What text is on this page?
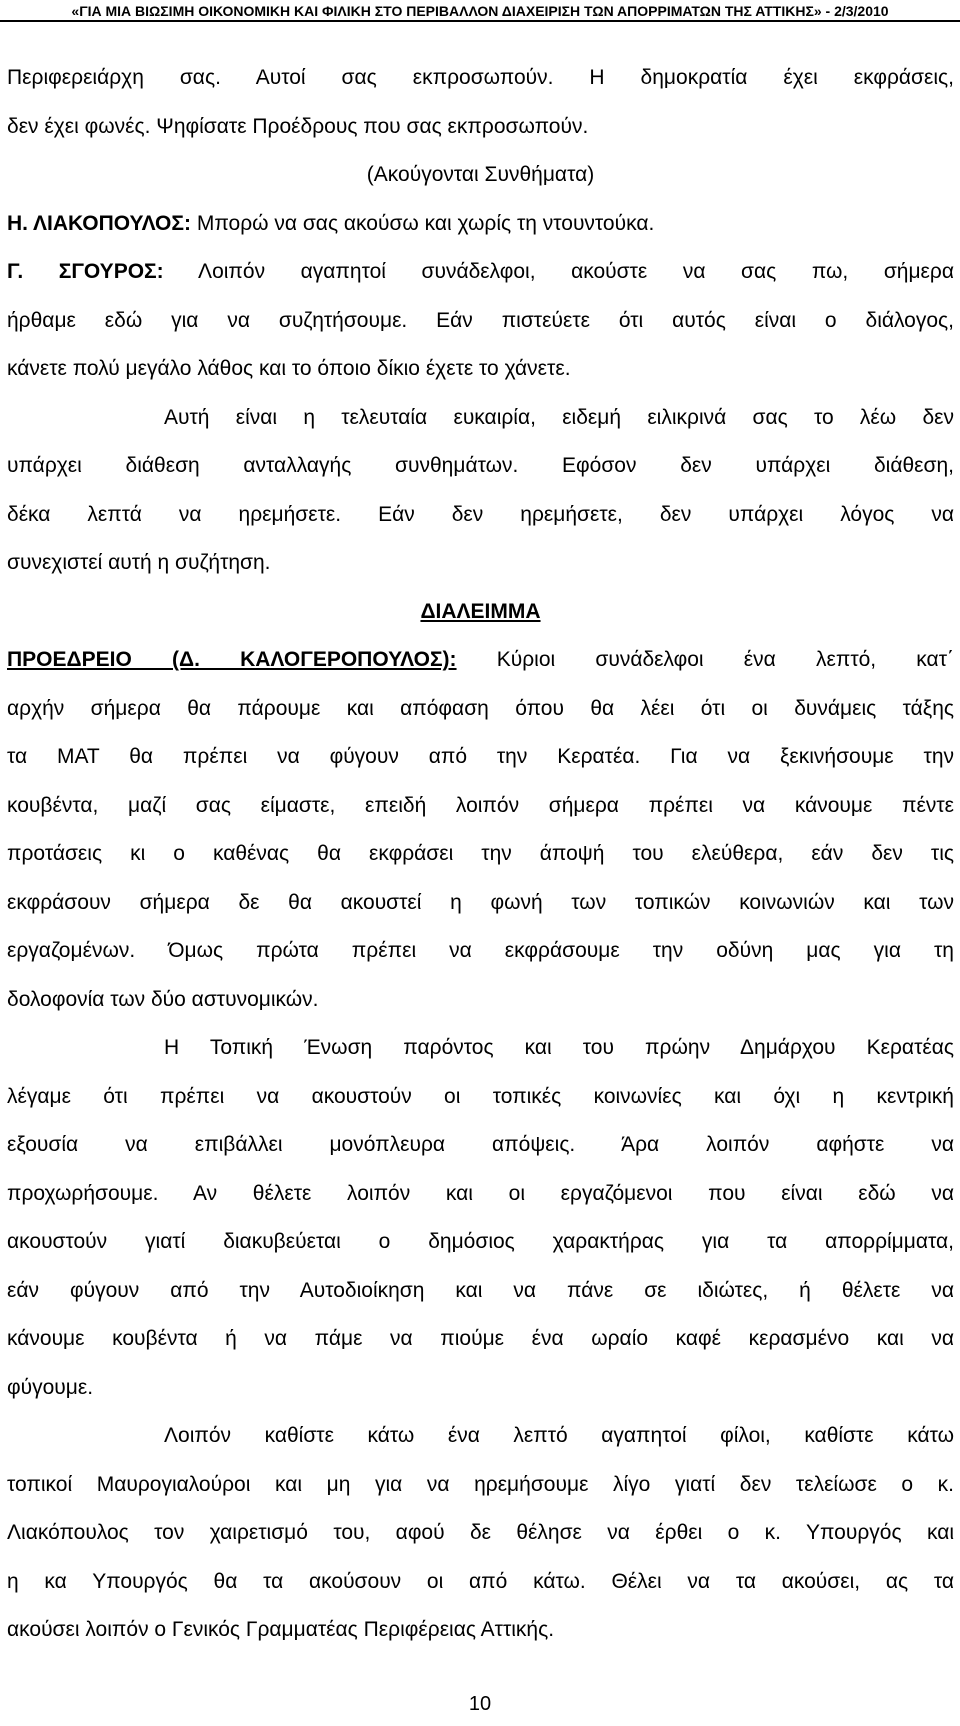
«ΓΙΑ ΜΙΑ ΒΙΩΣΙΜΗ ΟΙΚΟΝΟΜΙΚΗ ΚΑΙ ΦΙΛΙΚΗ ΣΤΟ ΠΕΡΙΒΑΛΛΟΝ ΔΙΑΧΕΙΡΙΣΗ ΤΩΝ ΑΠΟΡΡΙΜΑΤΩΝ ΤΗΣ ΑΤΤΙΚΗΣ» - 2/3/2010
Περιφερειάρχη σας. Αυτοί σας εκπροσωπούν. Η δημοκρατία έχει εκφράσεις,
δεν έχει φωνές. Ψηφίσατε Προέδρους που σας εκπροσωπούν.
(Ακούγονται Συνθήματα)
Η. ΛΙΑΚΟΠΟΥΛΟΣ: Μπορώ να σας ακούσω και χωρίς τη ντουντούκα.
Γ. ΣΓΟΥΡΟΣ: Λοιπόν αγαπητοί συνάδελφοι, ακούστε να σας πω, σήμερα
ήρθαμε εδώ για να συζητήσουμε. Εάν πιστεύετε ότι αυτός είναι ο διάλογος,
κάνετε πολύ μεγάλο λάθος και το όποιο δίκιο έχετε το χάνετε.
Αυτή είναι η τελευταία ευκαιρία, ειδεμή ειλικρινά σας το λέω δεν
υπάρχει διάθεση ανταλλαγής συνθημάτων. Εφόσον δεν υπάρχει διάθεση,
δέκα λεπτά να ηρεμήσετε. Εάν δεν ηρεμήσετε, δεν υπάρχει λόγος να
συνεχιστεί αυτή η συζήτηση.
ΔΙΑΛΕΙΜΜΑ
ΠΡΟΕΔΡΕΙΟ (Δ. ΚΑΛΟΓΕΡΟΠΟΥΛΟΣ): Κύριοι συνάδελφοι ένα λεπτό, κατ΄
αρχήν σήμερα θα πάρουμε και απόφαση όπου θα λέει ότι οι δυνάμεις τάξης
τα ΜΑΤ θα πρέπει να φύγουν από την Κερατέα. Για να ξεκινήσουμε την
κουβέντα, μαζί σας είμαστε, επειδή λοιπόν σήμερα πρέπει να κάνουμε πέντε
προτάσεις κι ο καθένας θα εκφράσει την άποψή του ελεύθερα, εάν δεν τις
εκφράσουν σήμερα δε θα ακουστεί η φωνή των τοπικών κοινωνιών και των
εργαζομένων. Όμως πρώτα πρέπει να εκφράσουμε την οδύνη μας για τη
δολοφονία των δύο αστυνομικών.
Η Τοπική Ένωση παρόντος και του πρώην Δημάρχου Κερατέας
λέγαμε ότι πρέπει να ακουστούν οι τοπικές κοινωνίες και όχι η κεντρική
εξουσία να επιβάλλει μονόπλευρα απόψεις. Άρα λοιπόν αφήστε να
προχωρήσουμε. Αν θέλετε λοιπόν και οι εργαζόμενοι που είναι εδώ να
ακουστούν γιατί διακυβεύεται ο δημόσιος χαρακτήρας για τα απορρίμματα,
εάν φύγουν από την Αυτοδιοίκηση και να πάνε σε ιδιώτες, ή θέλετε να
κάνουμε κουβέντα ή να πάμε να πιούμε ένα ωραίο καφέ κερασμένο και να
φύγουμε.
Λοιπόν καθίστε κάτω ένα λεπτό αγαπητοί φίλοι, καθίστε κάτω
τοπικοί Μαυρογιαλούροι και μη για να ηρεμήσουμε λίγο γιατί δεν τελείωσε ο κ.
Λιακόπουλος τον χαιρετισμό του, αφού δε θέλησε να έρθει ο κ. Υπουργός και
η κα Υπουργός θα τα ακούσουν οι από κάτω. Θέλει να τα ακούσει, ας τα
ακούσει λοιπόν ο Γενικός Γραμματέας Περιφέρειας Αττικής.
10
